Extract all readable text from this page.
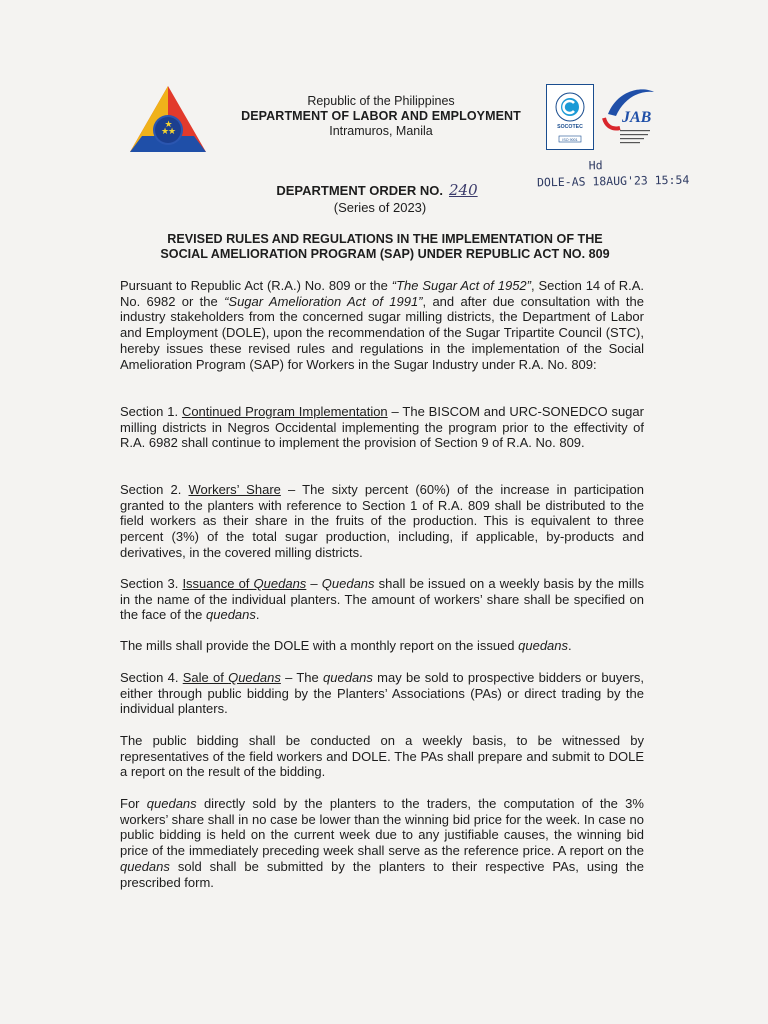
★
★
★
Republic of the Philippines
DEPARTMENT OF LABOR AND EMPLOYMENT
Intramuros, Manila	SOCOTEC
ISO 9001
JAB
DEPARTMENT ORDER NO. 240
(Series of 2023)
Hd
DOLE-AS 18AUG'23 15:54
REVISED RULES AND REGULATIONS IN THE IMPLEMENTATION OF THE
SOCIAL AMELIORATION PROGRAM (SAP) UNDER REPUBLIC ACT NO. 809
Pursuant to Republic Act (R.A.) No. 809 or the “The Sugar Act of 1952”, Section 14 of R.A. No. 6982 or the “Sugar Amelioration Act of 1991”, and after due consultation with the industry stakeholders from the concerned sugar milling districts, the Department of Labor and Employment (DOLE), upon the recommendation of the Sugar Tripartite Council (STC), hereby issues these revised rules and regulations in the implementation of the Social Amelioration Program (SAP) for Workers in the Sugar Industry under R.A. No. 809:
Section 1. Continued Program Implementation – The BISCOM and URC-SONEDCO sugar milling districts in Negros Occidental implementing the program prior to the effectivity of R.A. 6982 shall continue to implement the provision of Section 9 of R.A. No. 809.
Section 2. Workers’ Share – The sixty percent (60%) of the increase in participation granted to the planters with reference to Section 1 of R.A. 809 shall be distributed to the field workers as their share in the fruits of the production. This is equivalent to three percent (3%) of the total sugar production, including, if applicable, by-products and derivatives, in the covered milling districts.
Section 3. Issuance of Quedans – Quedans shall be issued on a weekly basis by the mills in the name of the individual planters. The amount of workers’ share shall be specified on the face of the quedans.
The mills shall provide the DOLE with a monthly report on the issued quedans.
Section 4. Sale of Quedans – The quedans may be sold to prospective bidders or buyers, either through public bidding by the Planters’ Associations (PAs) or direct trading by the individual planters.
The public bidding shall be conducted on a weekly basis, to be witnessed by representatives of the field workers and DOLE. The PAs shall prepare and submit to DOLE a report on the result of the bidding.
For quedans directly sold by the planters to the traders, the computation of the 3% workers’ share shall in no case be lower than the winning bid price for the week. In case no public bidding is held on the current week due to any justifiable causes, the winning bid price of the immediately preceding week shall serve as the reference price. A report on the quedans sold shall be submitted by the planters to their respective PAs, using the prescribed form.
